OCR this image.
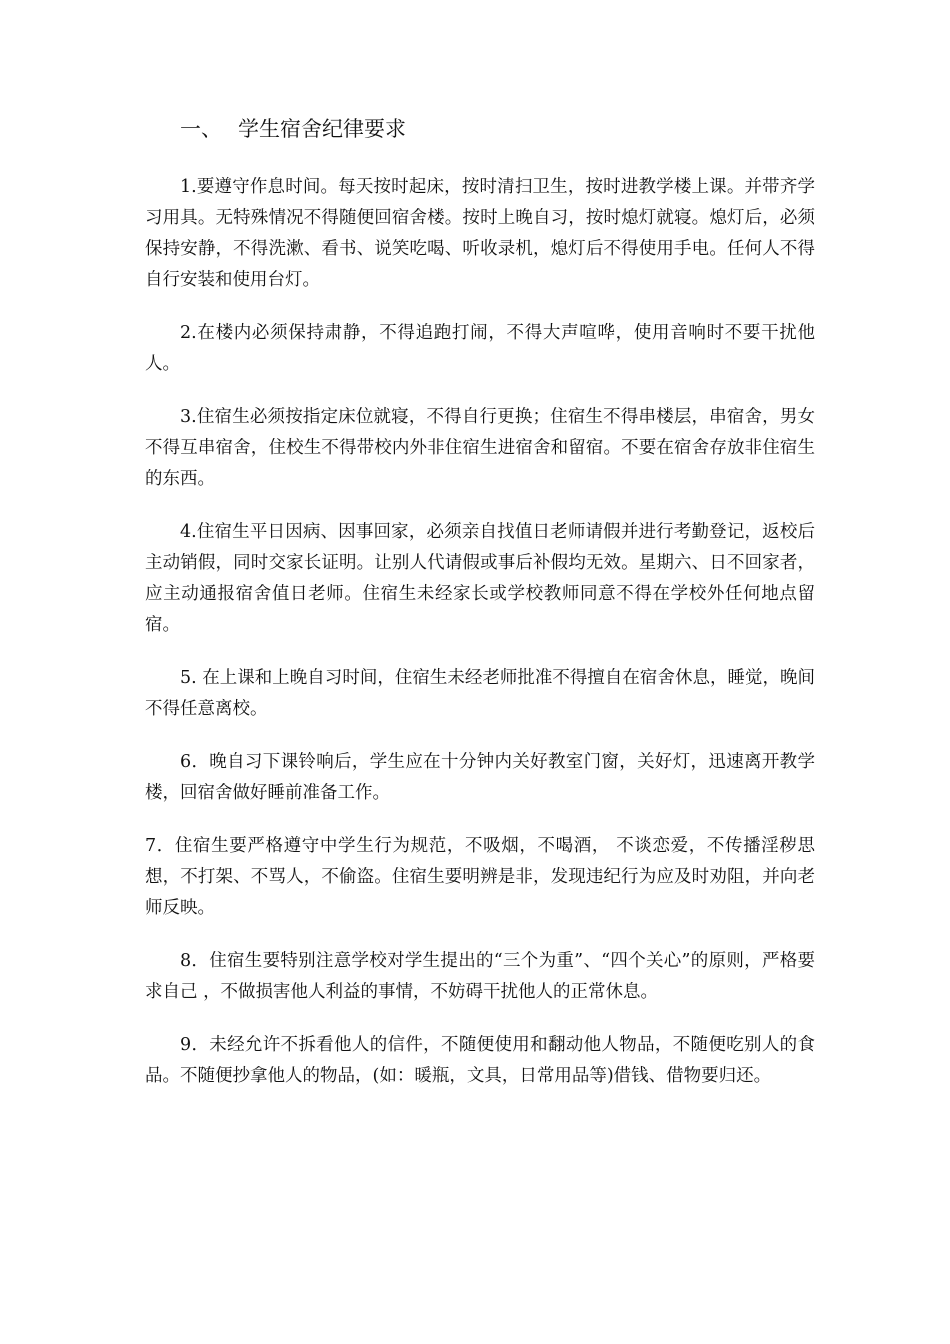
一、 学生宿舍纪律要求

1.要遵守作息时间。每天按时起床，按时清扫卫生，按时进教学楼上课。并带齐学习用具。无特殊情况不得随便回宿舍楼。按时上晚自习，按时熄灯就寝。熄灯后，必须保持安静，不得洗漱、看书、说笑吃喝、听收录机，熄灯后不得使用手电。任何人不得自行安装和使用台灯。

2.在楼内必须保持肃静，不得追跑打闹，不得大声喧哗，使用音响时不要干扰他人。

3.住宿生必须按指定床位就寝，不得自行更换；住宿生不得串楼层，串宿舍，男女不得互串宿舍，住校生不得带校内外非住宿生进宿舍和留宿。不要在宿舍存放非住宿生的东西。

4.住宿生平日因病、因事回家，必须亲自找值日老师请假并进行考勤登记，返校后主动销假，同时交家长证明。让别人代请假或事后补假均无效。星期六、日不回家者，应主动通报宿舍值日老师。住宿生未经家长或学校教师同意不得在学校外任何地点留宿。

5. 在上课和上晚自习时间，住宿生未经老师批准不得擅自在宿舍休息，睡觉，晚间不得任意离校。

6．晚自习下课铃响后，学生应在十分钟内关好教室门窗，关好灯，迅速离开教学楼，回宿舍做好睡前准备工作。

7．住宿生要严格遵守中学生行为规范，不吸烟，不喝酒， 不谈恋爱，不传播淫秽思想，不打架、不骂人，不偷盗。住宿生要明辨是非，发现违纪行为应及时劝阻，并向老师反映。

8．住宿生要特别注意学校对学生提出的“三个为重”、“四个关心”的原则，严格要求自己 ，不做损害他人利益的事情，不妨碍干扰他人的正常休息。

9．未经允许不拆看他人的信件，不随便使用和翻动他人物品，不随便吃别人的食品。不随便抄拿他人的物品，(如：暖瓶，文具，日常用品等)借钱、借物要归还。
